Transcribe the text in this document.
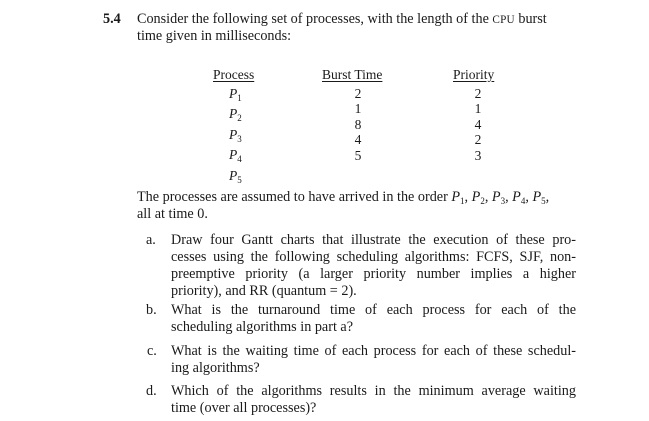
5.4 Consider the following set of processes, with the length of the CPU burst
time given in milliseconds:
Process	Burst Time	Priority
$P_1$
$P_2$
$P_3$
$P_4$
$P_5$
2
1
8
4
5
2
1
4
2
3
The processes are assumed to have arrived in the order $P_1$, $P_2$, $P_3$, $P_4$, $P_5$,
all at time 0.
a. Draw four Gantt charts that illustrate the execution of these pro-
cesses using the following scheduling algorithms: FCFS, SJF, non-
preemptive priority (a larger priority number implies a higher
priority), and RR (quantum = 2).
b. What is the turnaround time of each process for each of the
scheduling algorithms in part a?
c. What is the waiting time of each process for each of these schedul-
ing algorithms?
d. Which of the algorithms results in the minimum average waiting
time (over all processes)?
